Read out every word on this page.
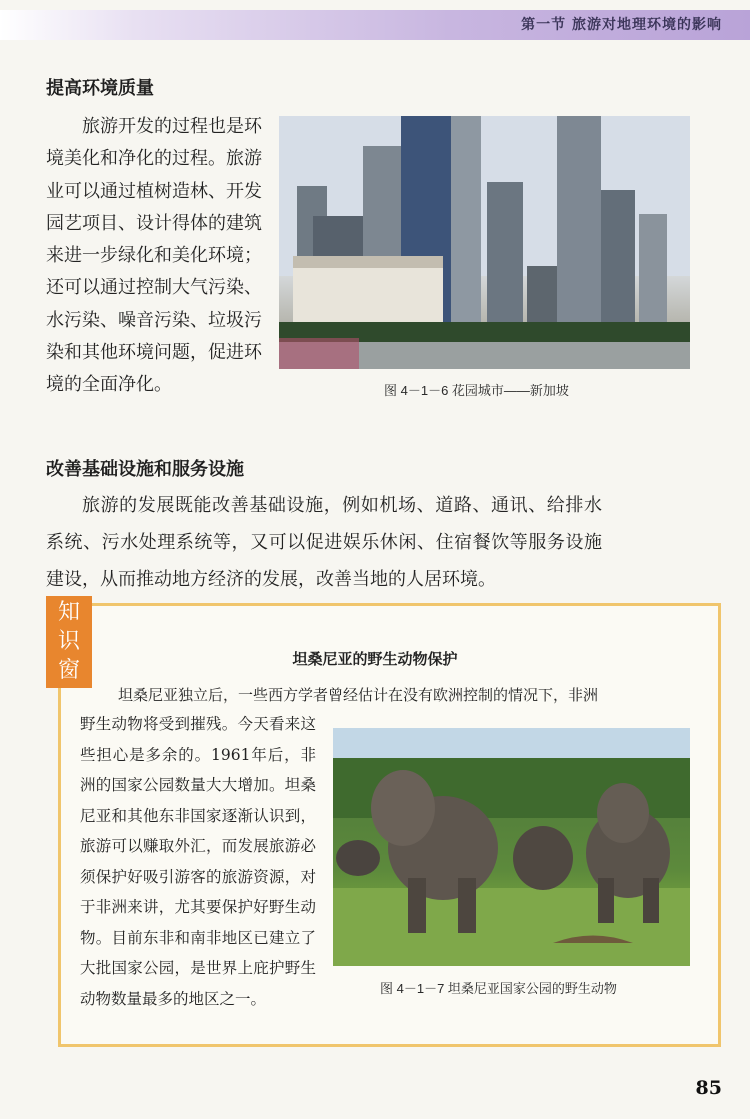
第一节 旅游对地理环境的影响
提高环境质量

旅游开发的过程也是环境美化和净化的过程。旅游业可以通过植树造林、开发园艺项目、设计得体的建筑来进一步绿化和美化环境；还可以通过控制大气污染、水污染、噪音污染、垃圾污染和其他环境问题，促进环境的全面净化。	图 4－1－6 花园城市——新加坡
改善基础设施和服务设施

旅游的发展既能改善基础设施，例如机场、道路、通讯、给排水系统、污水处理系统等，又可以促进娱乐休闲、住宿餐饮等服务设施建设，从而推动地方经济的发展，改善当地的人居环境。

知
识
窗	坦桑尼亚的野生动物保护

坦桑尼亚独立后，一些西方学者曾经估计在没有欧洲控制的情况下，非洲

野生动物将受到摧残。今天看来这些担心是多余的。1961年后，非洲的国家公园数量大大增加。坦桑尼亚和其他东非国家逐渐认识到，旅游可以赚取外汇，而发展旅游必须保护好吸引游客的旅游资源，对于非洲来讲，尤其要保护好野生动物。目前东非和南非地区已建立了大批国家公园，是世界上庇护野生动物数量最多的地区之一。

图 4－1－7 坦桑尼亚国家公园的野生动物
85
